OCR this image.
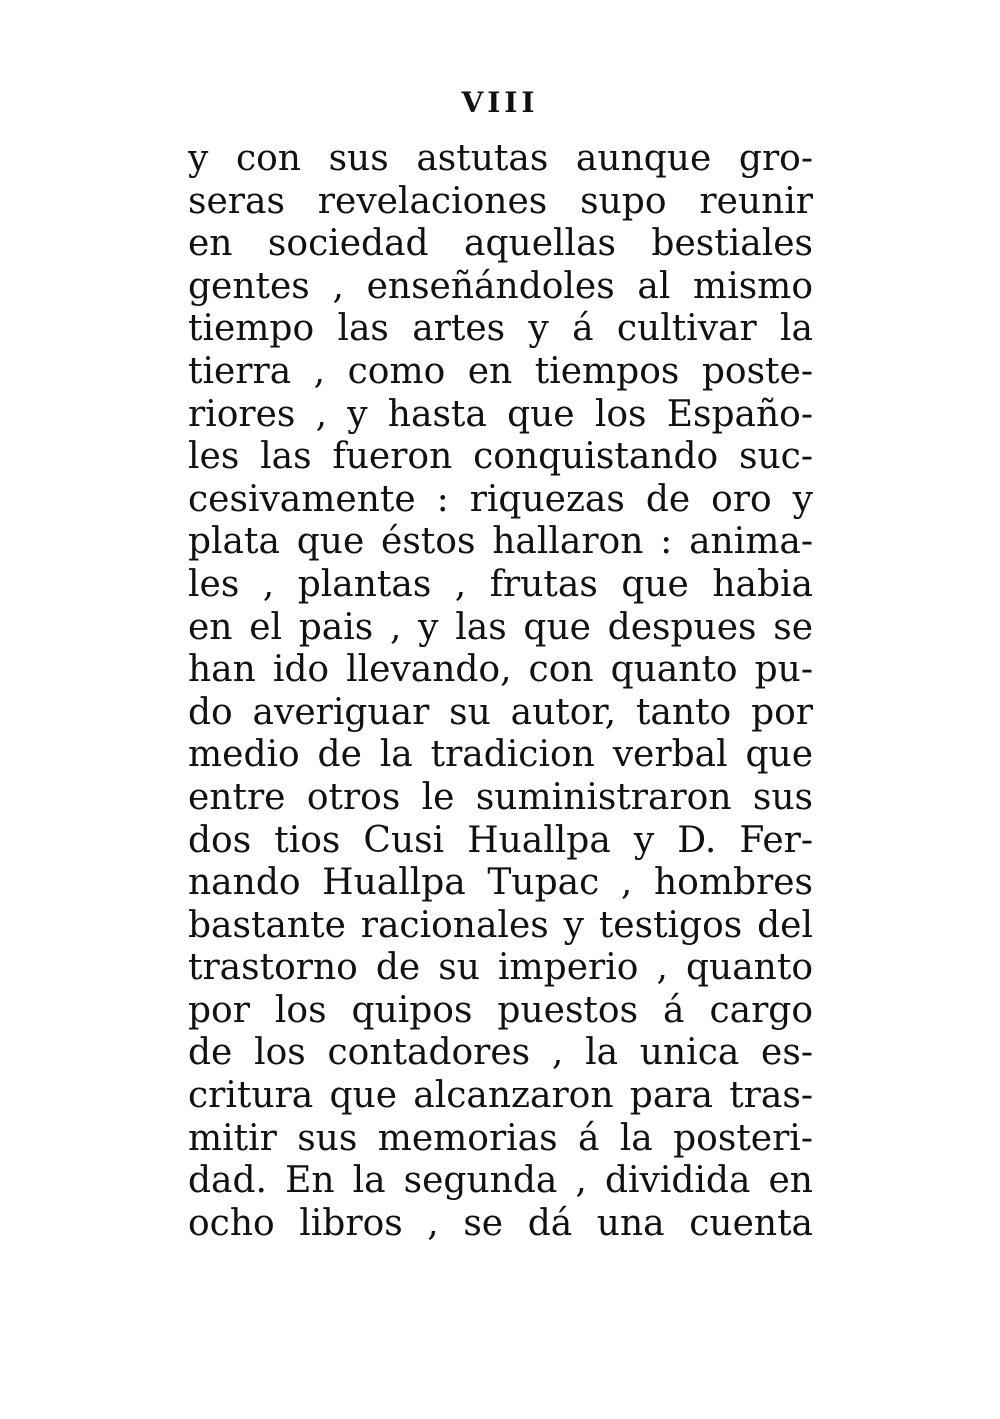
VIII
y con sus astutas aunque gro-
seras revelaciones supo reunir
en sociedad aquellas bestiales
gentes , enseñándoles al mismo
tiempo las artes y á cultivar la
tierra , como en tiempos poste-
riores , y hasta que los Españo-
les las fueron conquistando suc-
cesivamente : riquezas de oro y
plata que éstos hallaron : anima-
les , plantas , frutas que habia
en el pais , y las que despues se
han ido llevando, con quanto pu-
do averiguar su autor, tanto por
medio de la tradicion verbal que
entre otros le suministraron sus
dos tios Cusi Huallpa y D. Fer-
nando Huallpa Tupac , hombres
bastante racionales y testigos del
trastorno de su imperio , quanto
por los quipos puestos á cargo
de los contadores , la unica es-
critura que alcanzaron para tras-
mitir sus memorias á la posteri-
dad. En la segunda , dividida en
ocho libros , se dá una cuenta
